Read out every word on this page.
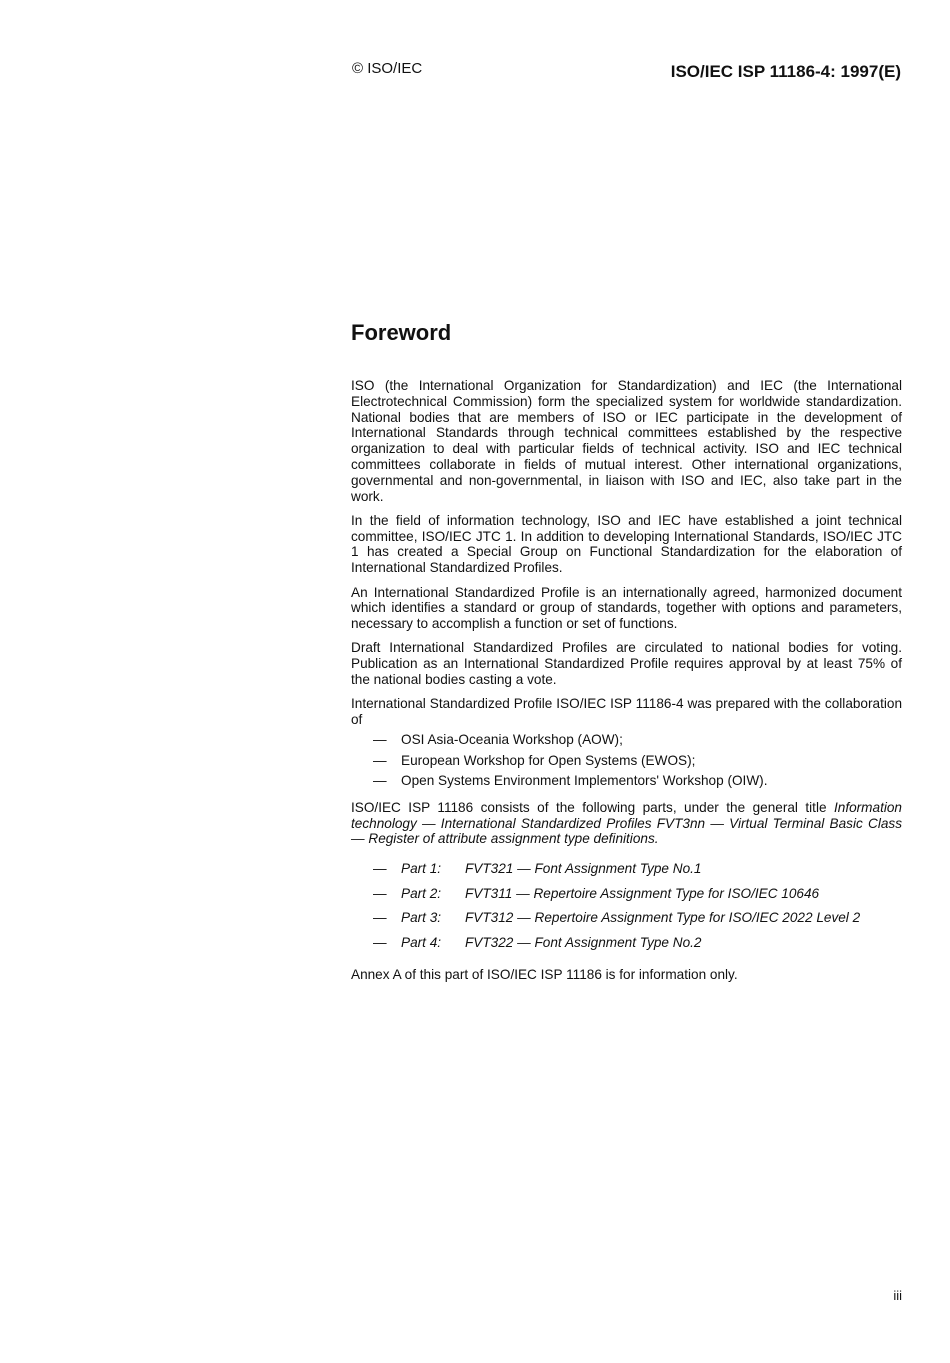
© ISO/IEC	ISO/IEC ISP 11186-4: 1997(E)
Foreword

ISO (the International Organization for Standardization) and IEC (the International Electrotechnical Commission) form the specialized system for worldwide standardization. National bodies that are members of ISO or IEC participate in the development of International Standards through technical committees established by the respective organization to deal with particular fields of technical activity. ISO and IEC technical committees collaborate in fields of mutual interest. Other international organizations, governmental and non-governmental, in liaison with ISO and IEC, also take part in the work.

In the field of information technology, ISO and IEC have established a joint technical committee, ISO/IEC JTC 1. In addition to developing International Standards, ISO/IEC JTC 1 has created a Special Group on Functional Standardization for the elaboration of International Standardized Profiles.

An International Standardized Profile is an internationally agreed, harmonized document which identifies a standard or group of standards, together with options and parameters, necessary to accomplish a function or set of functions.

Draft International Standardized Profiles are circulated to national bodies for voting. Publication as an International Standardized Profile requires approval by at least 75% of the national bodies casting a vote.

International Standardized Profile ISO/IEC ISP 11186-4 was prepared with the collaboration of

— OSI Asia-Oceania Workshop (AOW);
— European Workshop for Open Systems (EWOS);
— Open Systems Environment Implementors' Workshop (OIW).

ISO/IEC ISP 11186 consists of the following parts, under the general title Information technology — International Standardized Profiles FVT3nn — Virtual Terminal Basic Class — Register of attribute assignment type definitions.

— Part 1: FVT321 — Font Assignment Type No.1
— Part 2: FVT311 — Repertoire Assignment Type for ISO/IEC 10646
— Part 3: FVT312 — Repertoire Assignment Type for ISO/IEC 2022 Level 2
— Part 4: FVT322 — Font Assignment Type No.2

Annex A of this part of ISO/IEC ISP 11186 is for information only.

iii
